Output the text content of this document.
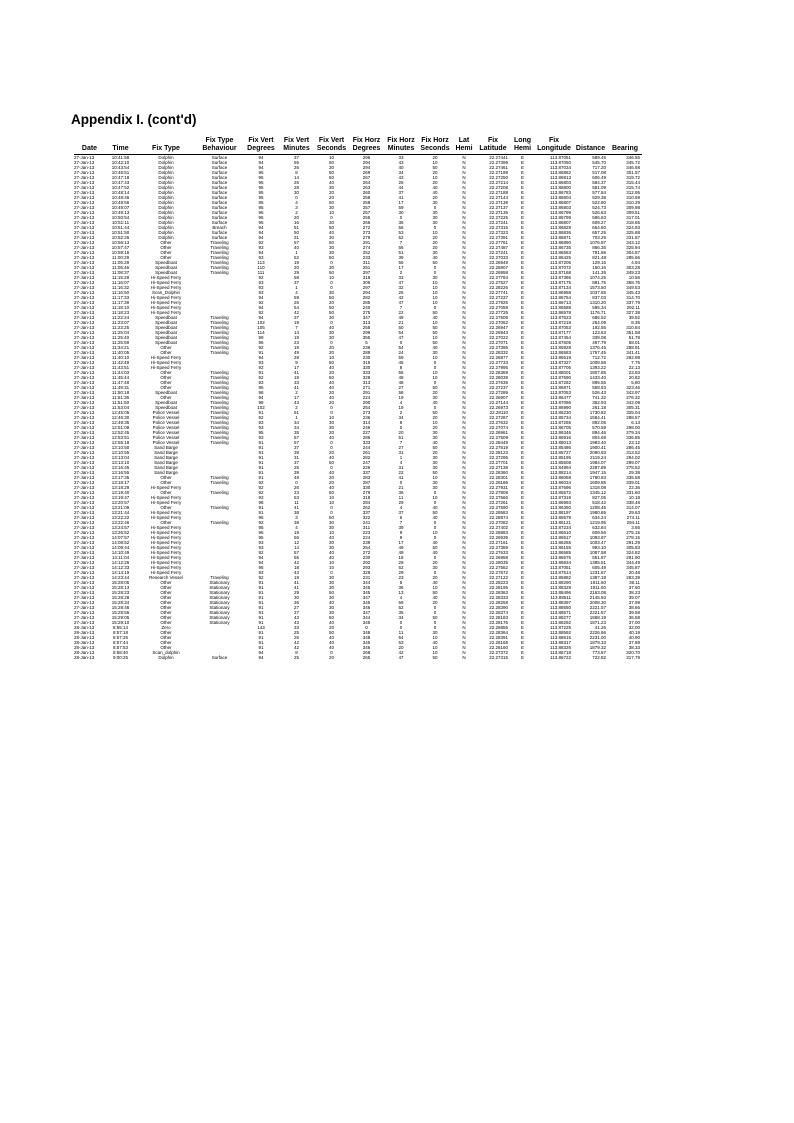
Appendix I. (cont'd)
			Fix Type	Fix Vert	Fix Vert	Fix Vert	Fix Horz	Fix Horz	Fix Horz	Lat	Fix	Long	Fix		
Date	Time	Fix Type	Behaviour	Degrees	Minutes	Seconds	Degrees	Minutes	Seconds	Hemi	Latitude	Hemi	Longitude	Distance	Bearing
27-Jan-13	10:41:58	Dolphin	Surface	94	37	10	296	33	20	N	22.27441	E	113.87051	589.45	346.55
27-Jan-13	10:42:10	Dolphin	Surface	94	55	50	294	43	10	N	22.27399	E	113.87050	545.70	345.72
27-Jan-13	10:43:54	Dolphin	Surface	94	26	30	294	40	50	N	22.27461	E	113.87034	717.20	346.68
27-Jan-13	10:46:51	Dolphin	Surface	95	8	50	269	34	20	N	22.27198	E	113.86882	517.08	301.57
27-Jan-13	10:47:18	Dolphin	Surface	95	14	50	267	43	10	N	22.27250	E	113.86813	606.49	319.72
27-Jan-13	10:47:43	Dolphin	Surface	95	26	40	264	26	20	N	22.27214	E	113.86803	584.37	315.44
27-Jan-13	10:47:52	Dolphin	Surface	95	28	30	263	44	40	N	22.27208	E	113.86800	581.09	315.74
27-Jan-13	10:48:14	Dolphin	Surface	95	30	20	260	37	40	N	22.27188	E	113.86783	577.84	312.95
27-Jan-13	10:48:46	Dolphin	Surface	95	0	20	258	41	20	N	22.27144	E	113.86804	529.38	310.59
27-Jan-13	10:48:56	Dolphin	Surface	95	4	50	258	17	30	N	22.27138	E	113.86807	522.80	310.29
27-Jan-13	10:49:07	Dolphin	Surface	95	3	30	257	59	0	N	22.27137	E	113.86803	524.73	309.98
27-Jan-13	10:49:13	Dolphin	Surface	95	2	10	257	30	30	N	22.27135	E	113.86799	526.63	309.51
27-Jan-13	10:50:54	Dolphin	Surface	95	20	0	255	0	30	N	22.27225	E	113.86799	596.63	317.01
27-Jan-13	10:51:11	Dolphin	Surface	95	16	30	266	36	30	N	22.27241	E	113.86807	609.27	318.65
27-Jan-13	10:51:44	Dolphin	Breach	94	51	50	272	56	0	N	22.27315	E	113.86829	654.60	324.93
27-Jan-13	10:51:50	Dolphin	Surface	94	50	40	273	53	10	N	22.27323	E	113.86836	657.25	325.88
27-Jan-13	10:52:26	Dolphin	Surface	94	31	30	279	52	20	N	22.27391	E	113.86871	703.25	331.87
27-Jan-13	10:56:13	Other	Traveling	92	57	50	291	7	20	N	22.27761	E	113.86890	1076.97	343.12
27-Jan-13	10:57:47	Other	Traveling	93	40	30	274	56	20	N	22.27487	E	113.86735	866.35	325.94
27-Jan-13	10:59:16	Other	Traveling	94	1	30	252	51	30	N	22.27241	E	113.86563	791.86	304.87
27-Jan-13	11:00:29	Other	Traveling	93	52	50	233	39	40	N	22.27033	E	113.86425	821.48	285.66
27-Jan-13	11:05:28	Speedboat	Traveling	113	19	0	311	55	50	N	22.26949	E	113.87205	129.16	4.94
27-Jan-13	11:05:46	Speedboat	Traveling	110	20	30	251	17	0	N	22.26907	E	113.87072	150.16	303.28
27-Jan-13	11:08:37	Speedboat	Traveling	111	29	50	297	2	0	N	22.26958	E	113.87168	141.35	349.23
27-Jan-13	11:15:28	Hi-Speed Ferry		92	58	10	318	33	30	N	22.27784	E	113.87386	1074.25	10.56
27-Jan-13	11:16:07	Hi-Speed Ferry		93	37	0	306	47	10	N	22.27527	E	113.87175	881.75	358.76
27-Jan-13	11:16:32	Hi-Speed Ferry		93	1	0	297	32	10	N	22.28226	E	113.87134	1573.50	349.53
27-Jan-13	11:16:50	Scan_Dolphin		93	4	30	294	26	10	N	22.27741	E	113.86958	1037.85	345.43
27-Jan-13	11:17:33	Hi-Speed Ferry		94	59	50	282	42	10	N	22.27237	E	113.86754	837.03	314.70
27-Jan-13	11:17:39	Hi-Speed Ferry		92	26	20	285	47	10	N	22.27925	E	113.86713	1310.20	337.79
27-Jan-13	11:18:10	Hi-Speed Ferry		94	54	50	240	7	0	N	22.27059	E	113.86588	595.34	292.11
27-Jan-13	11:18:23	Hi-Speed Ferry		92	42	50	275	22	50	N	22.27725	E	113.86578	1176.71	327.38
27-Jan-13	11:22:24	Speedboat	Traveling	94	37	30	347	49	40	N	22.27509	E	113.87623	686.52	39.82
27-Jan-13	11:23:07	Speedboat	Traveling	102	19	0	313	21	10	N	22.27062	E	113.87218	254.09	8.35
27-Jan-13	11:23:25	Speedboat	Traveling	105	7	40	258	50	50	N	22.26947	E	113.87053	192.55	310.84
27-Jan-13	11:25:04	Speedboat	Traveling	114	14	30	299	54	50	N	22.26943	E	113.87177	123.63	351.58
27-Jan-13	11:25:40	Speedboat	Traveling	99	19	30	355	47	10	N	22.27022	E	113.87454	339.08	51.78
27-Jan-13	11:25:59	Speedboat	Traveling	96	23	0	5	0	50	N	22.27071	E	113.87605	497.79	58.01
27-Jan-13	11:34:21	Other	Traveling	92	19	20	236	54	40	N	22.27395	E	113.85928	1376.45	288.91
27-Jan-13	11:40:05	Other	Traveling	91	49	20	289	24	30	N	22.28332	E	113.86583	1757.45	341.41
27-Jan-13	11:40:10	Hi-Speed Ferry		94	28	10	230	59	10	N	22.26977	E	113.86519	712.72	282.98
27-Jan-13	11:42:48	Hi-Speed Ferry		93	9	50	315	45	0	N	22.27733	E	113.87327	1008.56	7.75
27-Jan-13	11:43:51	Hi-Speed Ferry		92	17	40	330	8	0	N	22.27995	E	113.87705	1393.22	22.13
27-Jan-13	11:44:03	Other	Traveling	91	41	20	333	56	10	N	22.28369	E	113.88001	1807.85	23.93
27-Jan-13	11:45:44	Other	Traveling	92	19	50	328	49	10	N	22.28039	E	113.87690	1433.40	20.82
27-Jan-13	11:47:48	Other	Traveling	93	33	40	313	48	0	N	22.27635	E	113.87282	895.55	5.80
27-Jan-13	11:49:31	Other	Traveling	95	41	40	271	27	50	N	22.27237	E	113.86871	558.53	323.46
27-Jan-13	11:50:18	Speedboat	Traveling	96	2	20	291	58	20	N	22.27289	E	113.87053	526.43	343.97
27-Jan-13	11:51:36	Other	Traveling	94	17	40	224	19	30	N	22.26907	E	113.86477	741.32	276.32
27-Jan-13	11:51:50	Speedboat	Traveling	98	43	20	290	4	40	N	22.27144	E	113.87086	362.93	342.09
27-Jan-13	11:53:04	Speedboat	Traveling	102	2	0	254	19	0	N	22.26973	E	113.86990	261.18	305.31
27-Jan-13	12:45:05	Police Vessel	Traveling	91	51	0	273	2	50	N	22.28110	E	113.86230	1730.82	325.04
27-Jan-13	12:46:30	Police Vessel	Traveling	92	1	10	236	34	20	N	22.27287	E	113.85734	1584.41	288.57
27-Jan-13	12:49:35	Police Vessel	Traveling	93	34	30	314	8	10	N	22.27632	E	113.87255	892.05	6.13
27-Jan-13	12:51:08	Police Vessel	Traveling	93	34	30	246	0	20	N	22.27074	E	113.86705	570.59	298.00
27-Jan-13	12:52:45	Police Vessel	Traveling	95	35	20	227	20	30	N	22.26961	E	113.86346	894.46	279.34
27-Jan-13	12:53:51	Police Vessel	Traveling	93	57	40	286	51	30	N	22.27509	E	113.86916	804.69	336.85
27-Jan-13	12:55:18	Police Vessel	Traveling	91	57	0	333	7	40	N	22.28449	E	113.88013	1983.40	23.12
27-Jan-13	13:10:50	Sand Barge		91	37	0	244	27	50	N	22.27619	E	113.85486	1900.41	286.45
27-Jan-13	13:10:55	Sand Barge		91	39	20	261	31	20	N	22.28123	E	113.85727	2090.93	313.52
27-Jan-13	13:13:04	Sand Barge		91	31	40	282	1	30	N	22.27295	E	113.85195	2119.24	284.02
27-Jan-13	13:13:10	Sand Barge		91	37	50	247	4	30	N	22.27701	E	113.85508	1984.07	299.07
27-Jan-13	13:16:45	Sand Barge		91	25	0	226	31	30	N	22.27138	E	113.84994	2287.89	278.52
27-Jan-13	13:16:55	Sand Barge		91	39	40	337	22	50	N	22.28360	E	113.88214	1947.15	29.38
27-Jan-13	13:17:35	Other	Traveling	91	48	20	283	41	10	N	22.28301	E	113.86058	1780.83	335.58
27-Jan-13	13:18:17	Other	Traveling	92	0	20	287	0	30	N	22.28186	E	113.86034	1609.85	339.01
27-Jan-13	13:18:29	Hi-Speed Ferry		92	26	40	330	21	30	N	22.27931	E	113.87696	1318.08	22.36
27-Jan-13	13:19:40	Other	Traveling	92	23	50	279	36	0	N	22.27808	E	113.85572	1345.12	331.60
27-Jan-13	13:19:47	Hi-Speed Ferry		93	53	10	318	11	10	N	22.27566	E	113.87319	827.05	10.18
27-Jan-13	13:20:57	Hi-Speed Ferry		96	11	10	284	29	0	N	22.27261	E	113.86993	518.42	338.48
27-Jan-13	13:21:09	Other	Traveling	91	41	0	262	4	40	N	22.27590	E	113.86350	1208.45	314.07
27-Jan-13	13:21:44	Hi-Speed Ferry		91	38	0	337	37	50	N	22.28583	E	113.88197	1980.65	29.63
27-Jan-13	13:22:22	Hi-Speed Ferry		95	3	50	322	6	40	N	22.28874	E	113.86579	634.24	274.11
27-Jan-13	13:22:46	Other	Traveling	92	38	30	241	7	0	N	22.27082	E	113.85121	1219.95	294.11
27-Jan-13	13:24:57	Hi-Speed Ferry		95	4	30	311	39	0	N	22.27402	E	113.87234	632.84	3.65
27-Jan-13	13:26:52	Hi-Speed Ferry		95	19	10	223	9	10	N	22.26883	E	113.86610	609.56	275.15
27-Jan-13	14:07:57	Hi-Speed Ferry		95	56	40	224	9	0	N	22.26939	E	113.86517	1093.97	278.15
27-Jan-13	14:08:52	Hi-Speed Ferry		93	12	30	239	17	40	N	22.27161	E	113.86265	1003.47	291.29
27-Jan-13	14:09:44	Hi-Speed Ferry		93	14	30	254	49	50	N	22.27369	E	113.86155	993.10	305.83
27-Jan-13	14:10:49	Hi-Speed Ferry		92	57	40	272	49	40	N	22.27633	E	113.86585	1087.58	324.82
27-Jan-13	14:11:04	Hi-Speed Ferry		94	55	40	230	18	0	N	22.26958	E	113.86575	551.87	281.90
27-Jan-13	14:12:26	Hi-Speed Ferry		94	42	10	292	29	20	N	22.28035	E	113.86834	1385.51	344.49
27-Jan-13	14:12:33	Hi-Speed Ferry		95	18	10	293	52	30	N	22.27562	E	113.87051	605.49	345.87
27-Jan-13	14:14:19	Hi-Speed Ferry		93	43	0	328	29	0	N	22.27672	E	113.87514	1231.67	20.48
27-Jan-13	14:23:44	Research Vessel	Traveling	92	19	30	231	23	20	N	22.27122	E	113.85882	1387.18	283.39
27-Jan-13	15:28:05	Other	Stationary	91	41	30	344	5	40	N	22.28223	E	113.88290	1911.60	36.11
27-Jan-13	15:28:13	Other	Stationary	91	41	30	345	36	10	N	22.28195	E	113.88329	1911.60	37.60
27-Jan-13	15:28:23	Other	Stationary	91	29	50	345	13	50	N	22.28363	E	113.88496	2163.08	38.23
27-Jan-13	15:28:28	Other	Stationary	91	30	30	347	4	40	N	22.28333	E	113.88511	2145.93	39.07
27-Jan-13	15:28:34	Other	Stationary	91	36	40	345	59	20	N	22.28258	E	113.88397	2008.30	37.99
27-Jan-13	15:28:46	Other	Stationary	91	27	30	346	52	0	N	22.28390	E	113.88550	2221.57	38.66
27-Jan-13	15:28:56	Other	Stationary	91	27	30	347	35	0	N	22.28374	E	113.88571	2221.57	39.58
27-Jan-13	15:29:05	Other	Stationary	91	43	50	344	34	50	N	22.28183	E	113.88277	1868.19	36.58
27-Jan-13	15:29:10	Other	Stationary	91	43	40	345	0	0	N	22.28176	E	113.88292	1871.23	37.00
28-Jan-13	8:55:14	Zero		143	33	20	0	0	0	N	22.26856	E	113.87225	41.26	32.00
28-Jan-13	8:57:18	Other		91	25	50	348	11	30	N	22.28364	E	113.88592	2226.66	40.19
28-Jan-13	8:57:26	Other		91	26	40	348	54	10	N	22.28391	E	113.88615	2231.00	40.90
28-Jan-13	8:57:44	Other		91	42	40	345	53	40	N	22.28168	E	113.88317	1879.33	37.89
28-Jan-13	8:57:53	Other		91	42	40	346	20	10	N	22.28160	E	113.88326	1879.32	38.33
28-Jan-13	8:58:40	Scan_dolphin		94	8	0	268	42	10	N	22.27372	E	113.86718	773.57	320.70
28-Jan-13	9:00:25	Dolphin	Surface	94	25	20	265	47	50	N	22.27315	E	113.86722	722.82	317.79
